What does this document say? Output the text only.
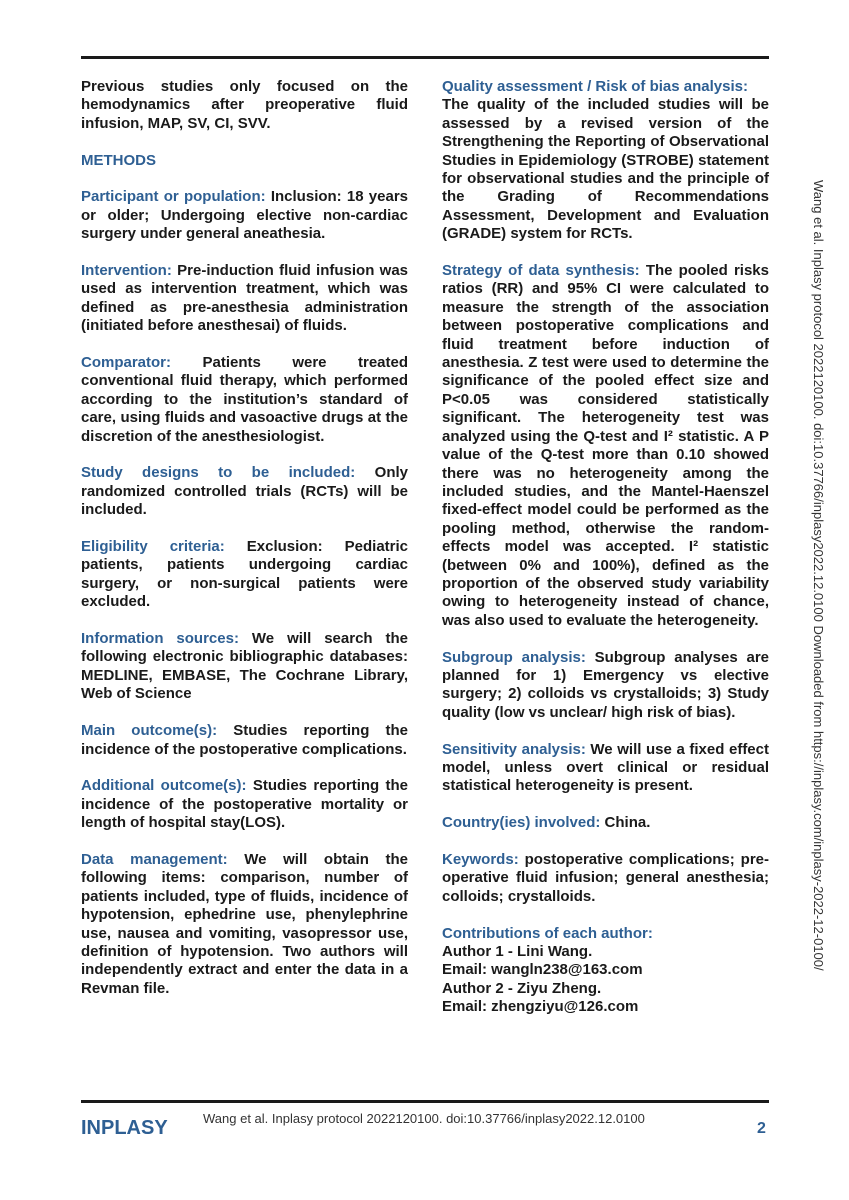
Previous studies only focused on the hemodynamics after preoperative fluid infusion, MAP, SV, CI, SVV.
METHODS
Participant or population: Inclusion: 18 years or older; Undergoing elective non-cardiac surgery under general aneathesia.
Intervention: Pre-induction fluid infusion was used as intervention treatment, which was defined as pre-anesthesia administration (initiated before anesthesai) of fluids.
Comparator: Patients were treated conventional fluid therapy, which performed according to the institution’s standard of care, using fluids and vasoactive drugs at the discretion of the anesthesiologist.
Study designs to be included: Only randomized controlled trials (RCTs) will be included.
Eligibility criteria: Exclusion: Pediatric patients, patients undergoing cardiac surgery, or non-surgical patients were excluded.
Information sources: We will search the following electronic bibliographic databases: MEDLINE, EMBASE, The Cochrane Library, Web of Science
Main outcome(s): Studies reporting the incidence of the postoperative complications.
Additional outcome(s): Studies reporting the incidence of the postoperative mortality or length of hospital stay(LOS).
Data management: We will obtain the following items: comparison, number of patients included, type of fluids, incidence of hypotension, ephedrine use, phenylephrine use, nausea and vomiting, vasopressor use, definition of hypotension. Two authors will independently extract and enter the data in a Revman file.
Quality assessment / Risk of bias analysis:
The quality of the included studies will be assessed by a revised version of the Strengthening the Reporting of Observational Studies in Epidemiology (STROBE) statement for observational studies and the principle of the Grading of Recommendations Assessment, Development and Evaluation (GRADE) system for RCTs.
Strategy of data synthesis: The pooled risks ratios (RR) and 95% CI were calculated to measure the strength of the association between postoperative complications and fluid treatment before induction of anesthesia. Z test were used to determine the significance of the pooled effect size and P<0.05 was considered statistically significant. The heterogeneity test was analyzed using the Q-test and I² statistic. A P value of the Q-test more than 0.10 showed there was no heterogeneity among the included studies, and the Mantel-Haenszel fixed-effect model could be performed as the pooling method, otherwise the random-effects model was accepted. I² statistic (between 0% and 100%), defined as the proportion of the observed study variability owing to heterogeneity instead of chance, was also used to evaluate the heterogeneity.
Subgroup analysis: Subgroup analyses are planned for 1) Emergency vs elective surgery; 2) colloids vs crystalloids; 3) Study quality (low vs unclear/ high risk of bias).
Sensitivity analysis: We will use a fixed effect model, unless overt clinical or residual statistical heterogeneity is present.
Country(ies) involved: China.
Keywords: postoperative complications; pre-operative fluid infusion; general anesthesia; colloids; crystalloids.
Contributions of each author:
Author 1 - Lini Wang.
Email: wangln238@163.com
Author 2 - Ziyu Zheng.
Email: zhengziyu@126.com
Wang et al. Inplasy protocol 2022120100. doi:10.37766/inplasy2022.12.0100 Downloaded from https://inplasy.com/inplasy-2022-12-0100/
INPLASY	Wang et al. Inplasy protocol 2022120100. doi:10.37766/inplasy2022.12.0100
2
